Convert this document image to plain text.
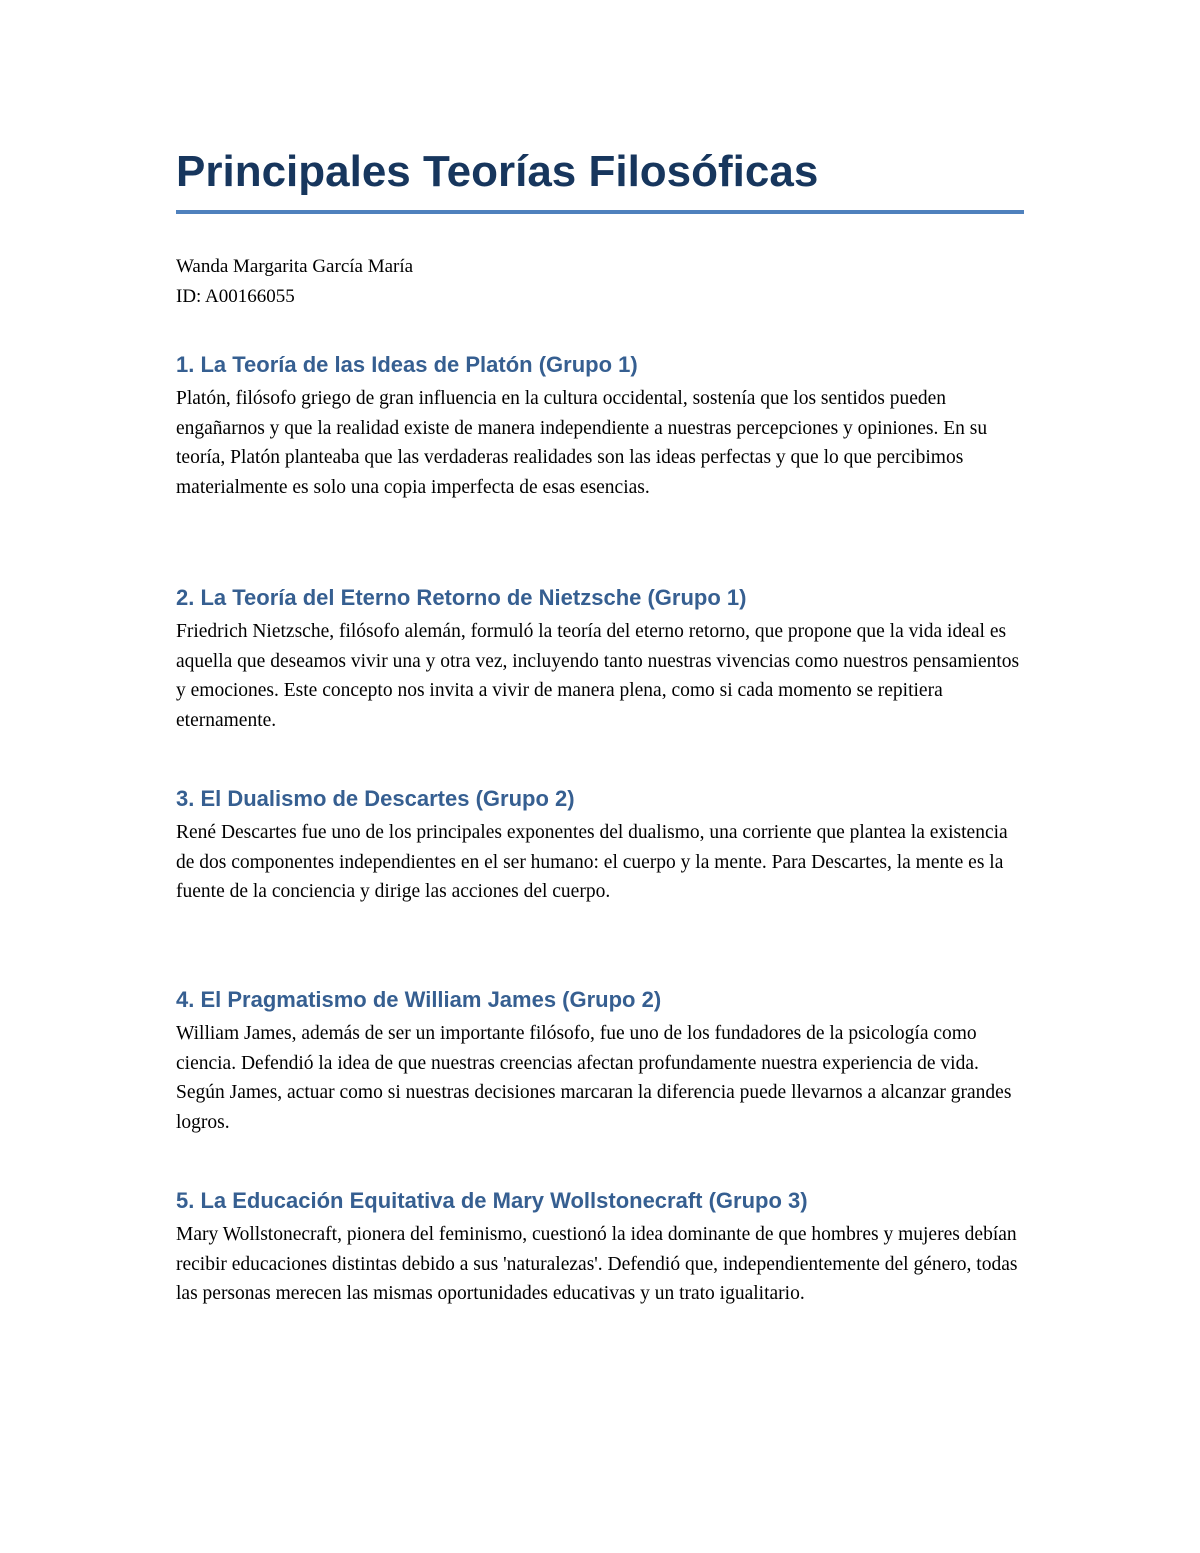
Principales Teorías Filosóficas
Wanda Margarita García María
ID: A00166055
1. La Teoría de las Ideas de Platón (Grupo 1)

Platón, filósofo griego de gran influencia en la cultura occidental, sostenía que los sentidos pueden engañarnos y que la realidad existe de manera independiente a nuestras percepciones y opiniones. En su teoría, Platón planteaba que las verdaderas realidades son las ideas perfectas y que lo que percibimos materialmente es solo una copia imperfecta de esas esencias.

2. La Teoría del Eterno Retorno de Nietzsche (Grupo 1)

Friedrich Nietzsche, filósofo alemán, formuló la teoría del eterno retorno, que propone que la vida ideal es aquella que deseamos vivir una y otra vez, incluyendo tanto nuestras vivencias como nuestros pensamientos y emociones. Este concepto nos invita a vivir de manera plena, como si cada momento se repitiera eternamente.

3. El Dualismo de Descartes (Grupo 2)

René Descartes fue uno de los principales exponentes del dualismo, una corriente que plantea la existencia de dos componentes independientes en el ser humano: el cuerpo y la mente. Para Descartes, la mente es la fuente de la conciencia y dirige las acciones del cuerpo.

4. El Pragmatismo de William James (Grupo 2)

William James, además de ser un importante filósofo, fue uno de los fundadores de la psicología como ciencia. Defendió la idea de que nuestras creencias afectan profundamente nuestra experiencia de vida. Según James, actuar como si nuestras decisiones marcaran la diferencia puede llevarnos a alcanzar grandes logros.

5. La Educación Equitativa de Mary Wollstonecraft (Grupo 3)

Mary Wollstonecraft, pionera del feminismo, cuestionó la idea dominante de que hombres y mujeres debían recibir educaciones distintas debido a sus 'naturalezas'. Defendió que, independientemente del género, todas las personas merecen las mismas oportunidades educativas y un trato igualitario.
